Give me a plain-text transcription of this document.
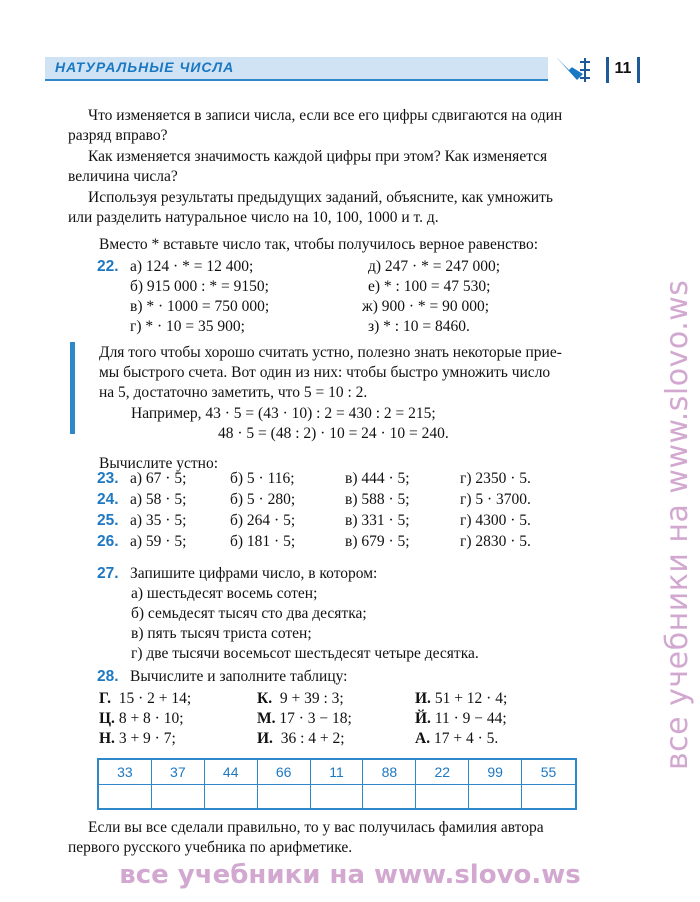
НАТУРАЛЬНЫЕ ЧИСЛА	11
Что изменяется в записи числа, если все его цифры сдвигаются на один
разряд вправо?
Как изменяется значимость каждой цифры при этом? Как изменяется
величина числа?
Используя результаты предыдущих заданий, объясните, как умножить
или разделить натуральное число на 10, 100, 1000 и т. д.
Вместо * вставьте число так, чтобы получилось верное равенство:
22. а) 124 · * = 12 400;	д) 247 · * = 247 000;
б) 915 000 : * = 9150;	е) * : 100 = 47 530;
в) * · 1000 = 750 000;	ж) 900 · * = 90 000;
г) * · 10 = 35 900;	з) * : 10 = 8460.
Для того чтобы хорошо считать устно, полезно знать некоторые прие-
мы быстрого счета. Вот один из них: чтобы быстро умножить число
на 5, достаточно заметить, что 5 = 10 : 2.
Например, 43 · 5 = (43 · 10) : 2 = 430 : 2 = 215;
48 · 5 = (48 : 2) · 10 = 24 · 10 = 240.
Вычислите устно:
23. а) 67 · 5;	б) 5 · 116;	в) 444 · 5;	г) 2350 · 5.
24. а) 58 · 5;	б) 5 · 280;	в) 588 · 5;	г) 5 · 3700.
25. а) 35 · 5;	б) 264 · 5;	в) 331 · 5;	г) 4300 · 5.
26. а) 59 · 5;	б) 181 · 5;	в) 679 · 5;	г) 2830 · 5.
27. Запишите цифрами число, в котором:
а) шестьдесят восемь сотен;
б) семьдесят тысяч сто два десятка;
в) пять тысяч триста сотен;
г) две тысячи восемьсот шестьдесят четыре десятка.
28. Вычислите и заполните таблицу:
Г. 15 · 2 + 14;	К. 9 + 39 : 3;	И. 51 + 12 · 4;
Ц. 8 + 8 · 10;	М. 17 · 3 − 18;	Й. 11 · 9 − 44;
Н. 3 + 9 · 7;	И. 36 : 4 + 2;	А. 17 + 4 · 5.
33	37	44	66	11	88	22	99	55
Если вы все сделали правильно, то у вас получилась фамилия автора
первого русского учебника по арифметике.
все учебники на www.slovo.ws
все учебники на www.slovo.ws
